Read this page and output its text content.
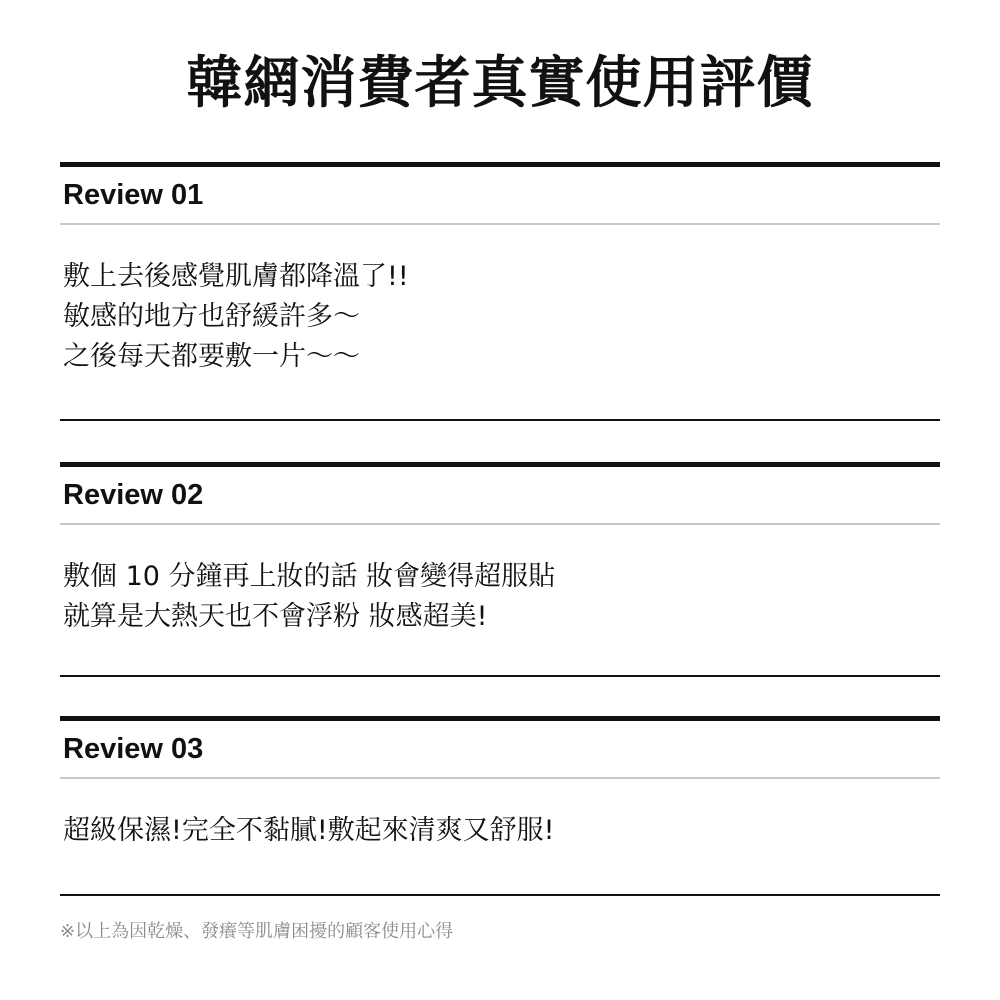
韓網消費者真實使用評價
Review 01
敷上去後感覺肌膚都降溫了!!
敏感的地方也舒緩許多～
之後每天都要敷一片～～
Review 02
敷個 10 分鐘再上妝的話 妝會變得超服貼
就算是大熱天也不會浮粉 妝感超美!
Review 03
超級保濕!完全不黏膩!敷起來清爽又舒服!

※以上為因乾燥、發癢等肌膚困擾的顧客使用心得
